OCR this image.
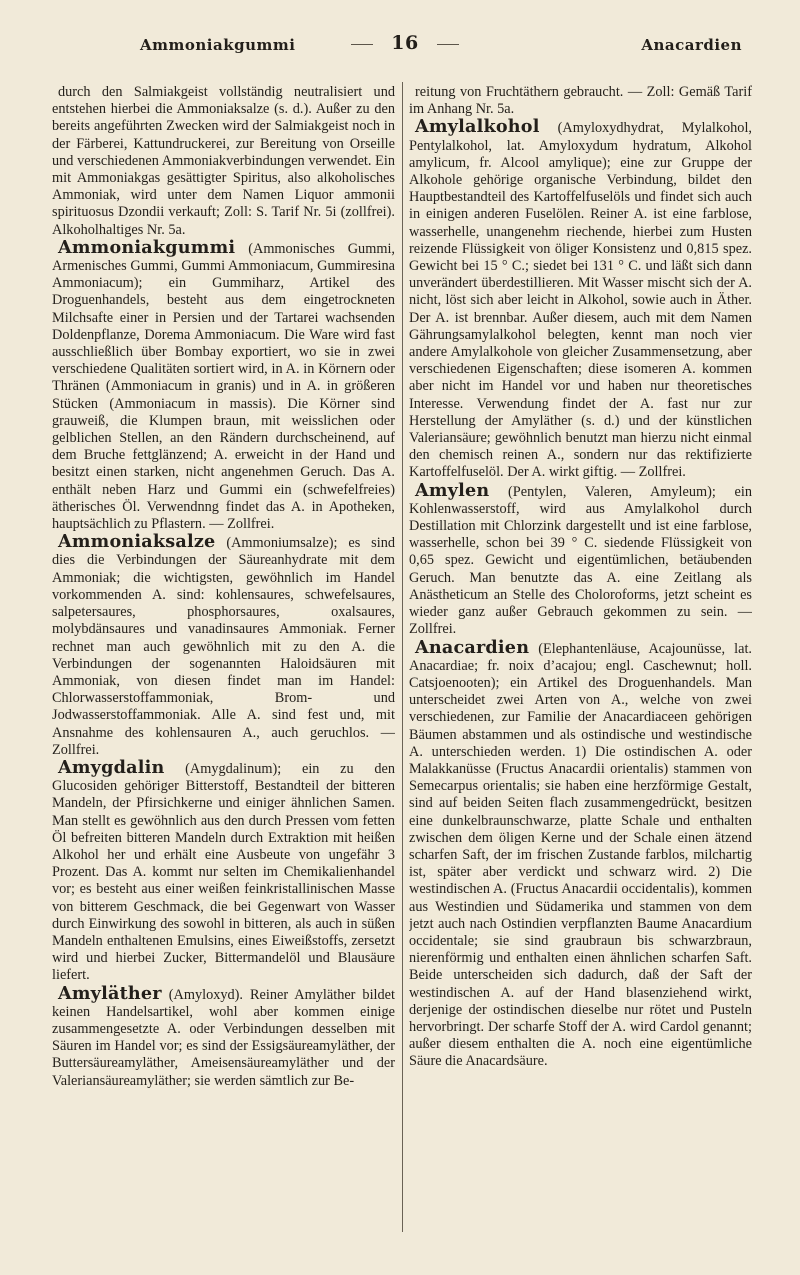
Ammoniakgummi	16	Anacardien

durch den Salmiakgeist vollständig neutralisiert und entstehen hierbei die Ammoniaksalze (s. d.). Außer zu den bereits angeführten Zwecken wird der Salmiakgeist noch in der Färberei, Kattundruckerei, zur Bereitung von Orseille und verschiedenen Ammoniakverbindungen verwendet. Ein mit Ammoniakgas gesättigter Spiritus, also alkoholisches Ammoniak, wird unter dem Namen Liquor ammonii spirituosus Dzondii verkauft; Zoll: S. Tarif Nr. 5i (zollfrei). Alkoholhaltiges Nr. 5a.

Ammoniakgummi (Ammonisches Gummi, Armenisches Gummi, Gummi Ammoniacum, Gummiresina Ammoniacum); ein Gummiharz, Artikel des Droguenhandels, besteht aus dem eingetrockneten Milchsafte einer in Persien und der Tartarei wachsenden Doldenpflanze, Dorema Ammoniacum. Die Ware wird fast ausschließlich über Bombay exportiert, wo sie in zwei verschiedene Qualitäten sortiert wird, in A. in Körnern oder Thränen (Ammoniacum in granis) und in A. in größeren Stücken (Ammoniacum in massis). Die Körner sind grauweiß, die Klumpen braun, mit weisslichen oder gelblichen Stellen, an den Rändern durchscheinend, auf dem Bruche fettglänzend; A. erweicht in der Hand und besitzt einen starken, nicht angenehmen Geruch. Das A. enthält neben Harz und Gummi ein (schwefelfreies) ätherisches Öl. Verwendnng findet das A. in Apotheken, hauptsächlich zu Pflastern. — Zollfrei.

Ammoniaksalze (Ammoniumsalze); es sind dies die Verbindungen der Säureanhydrate mit dem Ammoniak; die wichtigsten, gewöhnlich im Handel vorkommenden A. sind: kohlensaures, schwefelsaures, salpetersaures, phosphorsaures, oxalsaures, molybdänsaures und vanadinsaures Ammoniak. Ferner rechnet man auch gewöhnlich mit zu den A. die Verbindungen der sogenannten Haloidsäuren mit Ammoniak, von diesen findet man im Handel: Chlorwasserstoffammoniak, Brom- und Jodwasserstoffammoniak. Alle A. sind fest und, mit Ansnahme des kohlensauren A., auch geruchlos. — Zollfrei.

Amygdalin (Amygdalinum); ein zu den Glucosiden gehöriger Bitterstoff, Bestandteil der bitteren Mandeln, der Pfirsichkerne und einiger ähnlichen Samen. Man stellt es gewöhnlich aus den durch Pressen vom fetten Öl befreiten bitteren Mandeln durch Extraktion mit heißen Alkohol her und erhält eine Ausbeute von ungefähr 3 Prozent. Das A. kommt nur selten im Chemikalienhandel vor; es besteht aus einer weißen feinkristallinischen Masse von bitterem Geschmack, die bei Gegenwart von Wasser durch Einwirkung des sowohl in bitteren, als auch in süßen Mandeln enthaltenen Emulsins, eines Eiweißstoffs, zersetzt wird und hierbei Zucker, Bittermandelöl und Blausäure liefert.

Amyläther (Amyloxyd). Reiner Amyläther bildet keinen Handelsartikel, wohl aber kommen einige zusammengesetzte A. oder Verbindungen desselben mit Säuren im Handel vor; es sind der Essigsäureamyläther, der Buttersäureamyläther, Ameisensäureamyläther und der Valeriansäureamyläther; sie werden sämtlich zur Be-

reitung von Fruchtäthern gebraucht. — Zoll: Gemäß Tarif im Anhang Nr. 5a.

Amylalkohol (Amyloxydhydrat, Mylalkohol, Pentylalkohol, lat. Amyloxydum hydratum, Alkohol amylicum, fr. Alcool amylique); eine zur Gruppe der Alkohole gehörige organische Verbindung, bildet den Hauptbestandteil des Kartoffelfuselöls und findet sich auch in einigen anderen Fuselölen. Reiner A. ist eine farblose, wasserhelle, unangenehm riechende, hierbei zum Husten reizende Flüssigkeit von öliger Konsistenz und 0,815 spez. Gewicht bei 15 ° C.; siedet bei 131 ° C. und läßt sich dann unverändert überdestillieren. Mit Wasser mischt sich der A. nicht, löst sich aber leicht in Alkohol, sowie auch in Äther. Der A. ist brennbar. Außer diesem, auch mit dem Namen Gährungsamylalkohol belegten, kennt man noch vier andere Amylalkohole von gleicher Zusammensetzung, aber verschiedenen Eigenschaften; diese isomeren A. kommen aber nicht im Handel vor und haben nur theoretisches Interesse. Verwendung findet der A. fast nur zur Herstellung der Amyläther (s. d.) und der künstlichen Valeriansäure; gewöhnlich benutzt man hierzu nicht einmal den chemisch reinen A., sondern nur das rektifizierte Kartoffelfuselöl. Der A. wirkt giftig. — Zollfrei.

Amylen (Pentylen, Valeren, Amyleum); ein Kohlenwasserstoff, wird aus Amylalkohol durch Destillation mit Chlorzink dargestellt und ist eine farblose, wasserhelle, schon bei 39 ° C. siedende Flüssigkeit von 0,65 spez. Gewicht und eigentümlichen, betäubenden Geruch. Man benutzte das A. eine Zeitlang als Anästheticum an Stelle des Choloroforms, jetzt scheint es wieder ganz außer Gebrauch gekommen zu sein. — Zollfrei.

Anacardien (Elephantenläuse, Acajounüsse, lat. Anacardiae; fr. noix d’acajou; engl. Caschewnut; holl. Catsjoenooten); ein Artikel des Droguenhandels. Man unterscheidet zwei Arten von A., welche von zwei verschiedenen, zur Familie der Anacardiaceen gehörigen Bäumen abstammen und als ostindische und westindische A. unterschieden werden. 1) Die ostindischen A. oder Malakkanüsse (Fructus Anacardii orientalis) stammen von Semecarpus orientalis; sie haben eine herzförmige Gestalt, sind auf beiden Seiten flach zusammengedrückt, besitzen eine dunkelbraunschwarze, platte Schale und enthalten zwischen dem öligen Kerne und der Schale einen ätzend scharfen Saft, der im frischen Zustande farblos, milchartig ist, später aber verdickt und schwarz wird. 2) Die westindischen A. (Fructus Anacardii occidentalis), kommen aus Westindien und Südamerika und stammen von dem jetzt auch nach Ostindien verpflanzten Baume Anacardium occidentale; sie sind graubraun bis schwarzbraun, nierenförmig und enthalten einen ähnlichen scharfen Saft. Beide unterscheiden sich dadurch, daß der Saft der westindischen A. auf der Hand blasenziehend wirkt, derjenige der ostindischen dieselbe nur rötet und Pusteln hervorbringt. Der scharfe Stoff der A. wird Cardol genannt; außer diesem enthalten die A. noch eine eigentümliche Säure die Anacardsäure.
